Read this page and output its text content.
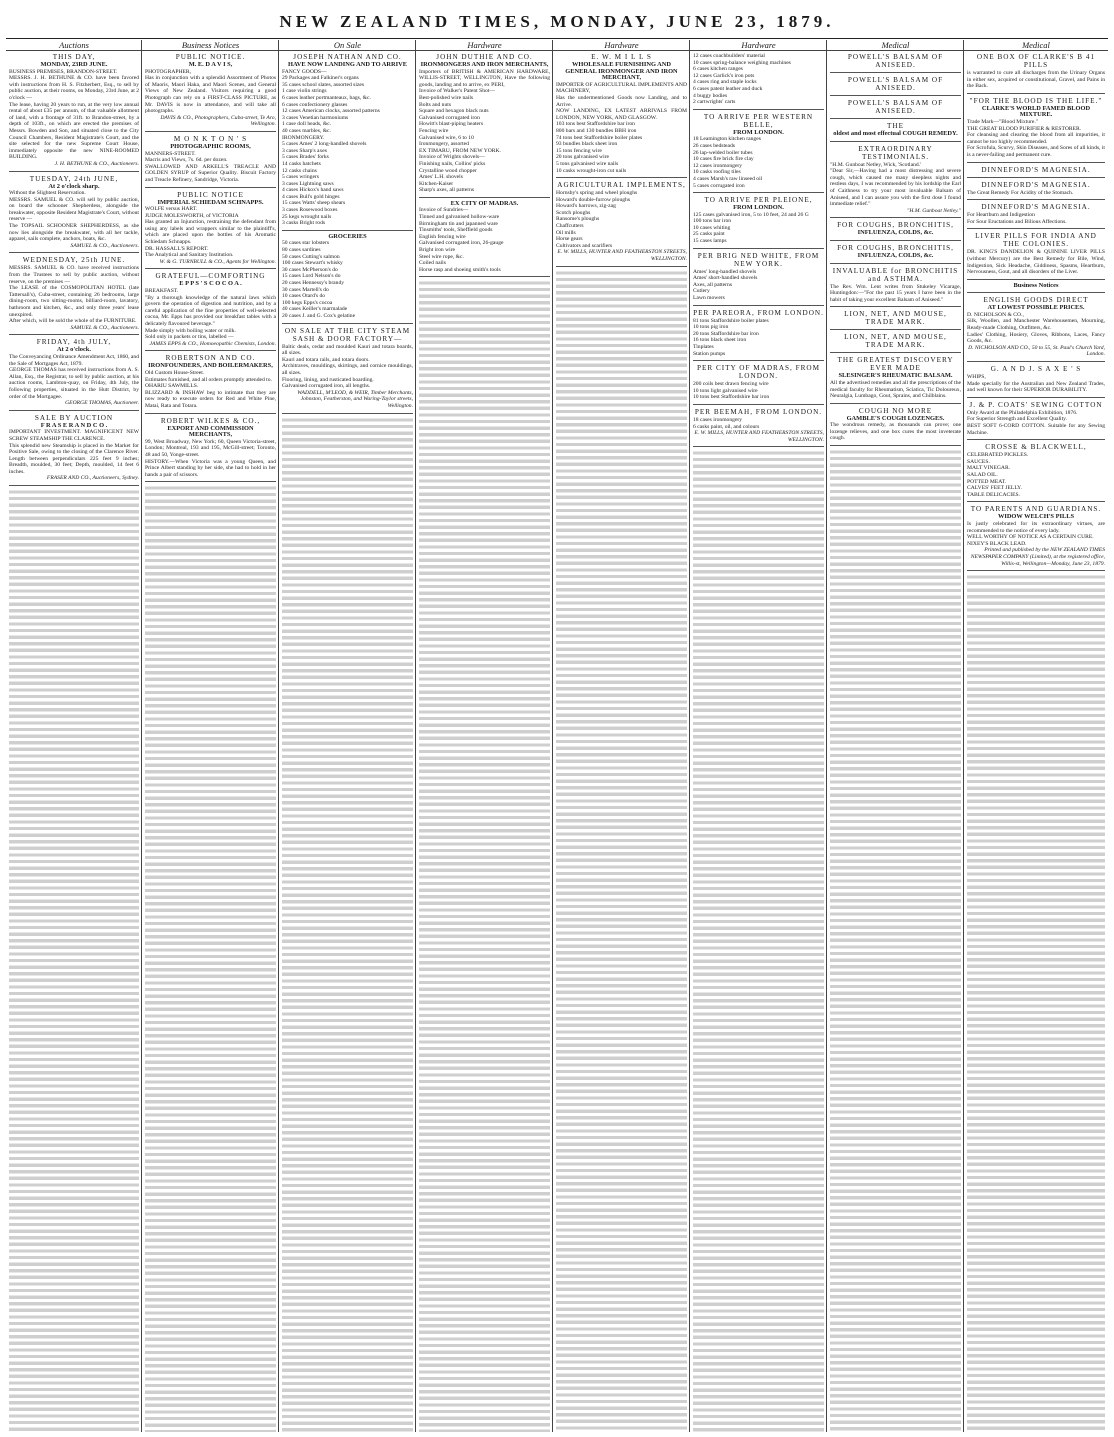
NEW ZEALAND TIMES, MONDAY, JUNE 23, 1879.
Auctions
THIS DAY,
MONDAY, 23RD JUNE.
BUSINESS PREMISES, BRANDON-STREET.
MESSRS. J. H. BETHUNE & CO. have been favored with instructions from H. S. Fitzherbert, Esq., to sell by public auction, at their rooms, on Monday, 23rd June, at 2 o'clock —
The lease, having 20 years to run, at the very low annual rental of about £35 per annum, of that valuable allotment of land, with a frontage of 31ft. to Brandon-street, by a depth of 103ft., on which are erected the premises of Messrs. Bowden and Son, and situated close to the City Council Chambers, Resident Magistrate's Court, and the site selected for the new Supreme Court House, immediately opposite the new NINE-ROOMED BUILDING.
J. H. BETHUNE & CO., Auctioneers.
TUESDAY, 24th JUNE,
At 2 o'clock sharp.
Without the Slightest Reservation.
MESSRS. SAMUEL & CO. will sell by public auction, on board the schooner Shepherdess, alongside the breakwater, opposite Resident Magistrate's Court, without reserve —
The TOPSAIL SCHOONER SHEPHERDESS, as she now lies alongside the breakwater, with all her tackle, apparel, sails complete, anchors, boats, &c.
SAMUEL & CO., Auctioneers.
WEDNESDAY, 25th JUNE.
MESSRS. SAMUEL & CO. have received instructions from the Trustees to sell by public auction, without reserve, on the premises —
The LEASE of the COSMOPOLITAN HOTEL (late Tattersall's), Cuba-street, containing 26 bedrooms, large dining-room, two sitting-rooms, billiard-room, lavatory, bathroom and kitchen, &c., and only three years' lease unexpired.
After which, will be sold the whole of the FURNITURE.
SAMUEL & CO., Auctioneers.
FRIDAY, 4th JULY,
At 2 o'clock.
The Conveyancing Ordinance Amendment Act, 1860, and the Sale of Mortgages Act, 1879.
GEORGE THOMAS has received instructions from A. S. Allan, Esq., the Registrar, to sell by public auction, at his auction rooms, Lambton-quay, on Friday, 4th July, the following properties, situated in the Hutt District, by order of the Mortgagee.
GEORGE THOMAS, Auctioneer.
SALE BY AUCTION
F R A S E R A N D C O .
IMPORTANT INVESTMENT. MAGNIFICENT NEW SCREW STEAMSHIP THE CLARENCE.
This splendid new Steamship is placed in the Market for Positive Sale, owing to the closing of the Clarence River. Length between perpendiculars 225 feet 9 inches; Breadth, moulded, 30 feet; Depth, moulded, 14 feet 6 inches.
FRASER AND CO., Auctioneers, Sydney.
Business Notices
PUBLIC NOTICE.
M. E. D A V I S,
PHOTOGRAPHER,
Has in conjunction with a splendid Assortment of Photos of Maoris, Maori Haka, and Maori Scenes, and General Views of New Zealand. Visitors requiring a good Photograph can rely on a FIRST-CLASS PICTURE, as Mr. DAVIS is now in attendance, and will take all photographs.
DAVIS & CO., Photographers, Cuba-street, Te Aro, Wellington.
M O N K T O N ' S
PHOTOGRAPHIC ROOMS,
MANNERS-STREET.
Macris and Views, 7s. 6d. per dozen.
SWALLOWED AND ARKELL'S TREACLE AND GOLDEN SYRUP of Superior Quality. Biscuit Factory and Treacle Refinery, Sandridge, Victoria.
PUBLIC NOTICE
IMPERIAL SCHIEDAM SCHNAPPS.
WOLFE versus HART.
JUDGE MOLESWORTH, of VICTORIA
Has granted an Injunction, restraining the defendant from using any labels and wrappers similar to the plaintiff's, which are placed upon the bottles of his Aromatic Schiedam Schnapps.
DR. HASSALL'S REPORT.
The Analytical and Sanitary Institution.
W. & G. TURNBULL & CO., Agents for Wellington.
GRATEFUL—COMFORTING
E P P S ' S C O C O A .
BREAKFAST.
"By a thorough knowledge of the natural laws which govern the operation of digestion and nutrition, and by a careful application of the fine properties of well-selected cocoa, Mr. Epps has provided our breakfast tables with a delicately flavoured beverage."
Made simply with boiling water or milk.
Sold only in packets or tins, labelled —
JAMES EPPS & CO., Homoeopathic Chemists, London.
ROBERTSON AND CO.
IRONFOUNDERS, AND BOILERMAKERS,
Old Custom House-Street.
Estimates furnished, and all orders promptly attended to.
OHARIU SAWMILLS.
BLIZZARD & INSHAW beg to intimate that they are now ready to execute orders for Red and White Pine, Matai, Rata and Totara.
ROBERT WILKES & CO.,
EXPORT AND COMMISSION MERCHANTS,
99, West Broadway, New York; 60, Queen Victoria-street, London; Montreal, 193 and 195, McGill-street; Toronto, 48 and 50, Yonge-street.
HISTORY.—When Victoria was a young Queen, and Prince Albert standing by her side, she had to hold in her hands a pair of scissors.
On Sale
JOSEPH NATHAN AND CO.
HAVE NOW LANDING AND TO ARRIVE
FANCY GOODS—
29 Packages and Falkiner's organs
35 cases school slates, assorted sizes
1 case violin strings
6 cases leather portmanteaux, bags, &c.
6 cases confectionery glasses
12 cases American clocks, assorted patterns
3 cases Venetian harmoniums
1 case doll heads, &c.
40 cases marbles, &c.
IRONMONGERY.
5 cases Ames' 2 long-handled shovels
3 cases Sharp's axes
5 cases Brades' forks
14 casks hatchets
12 casks chains
5 cases wringers
3 cases Lightning saws
4 cases Hickox's hand saws
4 cases Bull's gold hinges
15 cases Watts' sheep shears
3 cases Rosewood boxes
25 kegs wrought nails
3 casks Bright rods
GROCERIES
50 cases star lobsters
80 cases sardines
50 cases Cutting's salmon
100 cases Stewart's whisky
30 cases McPherson's do
15 cases Lord Nelson's do
20 cases Hennessy's brandy
30 cases Martell's do
10 cases Otard's do
100 kegs Epps's cocoa
40 cases Keiller's marmalade
20 cases J. and G. Cox's gelatine
ON SALE AT THE CITY STEAM SASH & DOOR FACTORY—
Baltic deals, cedar and moulded Kauri and totara boards, all sizes.
Kauri and totara rails, and totara doors.
Architraves, mouldings, skirtings, and cornice mouldings, all sizes.
Flooring, lining, and rusticated boarding.
Galvanised corrugated iron, all lengths.
WADDELL, M'LEOD, & WEIR, Timber Merchants, Johnston, Featherston, and Waring-Taylor streets, Wellington.
Hardware
JOHN DUTHIE AND CO.
IRONMONGERS AND IRON MERCHANTS,
Importers of BRITISH & AMERICAN HARDWARE, WILLIS-STREET, WELLINGTON, Have the following goods, landing and to arrive, ex PERI,
Invoice of Walker's Patent Shot—
Best-polished wire nails
Bolts and nuts
Square and hexagon black nuts
Galvanised corrugated iron
Howitt's blast-piping heaters
Fencing wire
Galvanised wire, 6 to 10
Ironmongery, assorted
EX TIMARU, FROM NEW YORK.
Invoice of Wrights shovels—
Finishing nails, Collins' picks
Crystalline wood chopper
Ames' L.H. shovels
Kitchen-Kaiser
Sharp's axes, all patterns
EX CITY OF MADRAS.
Invoice of Sundries—
Tinned and galvanised hollow-ware
Birmingham tin and japanned ware
Tinsmiths' tools, Sheffield goods
English fencing wire
Galvanised corrugated iron, 26-gauge
Bright iron wire
Steel wire rope, &c.
Coiled nails
Horse rasp and shoeing smith's tools
Hardware
E. W. M I L L S
WHOLESALE FURNISHING AND GENERAL IRONMONGER AND IRON MERCHANT,
IMPORTER OF AGRICULTURAL IMPLEMENTS AND MACHINERY,
Has the undermentioned Goods now Landing, and to Arrive.
NOW LANDING, EX LATEST ARRIVALS FROM LONDON, NEW YORK, AND GLASGOW.
103 tons best Staffordshire bar iron
800 bars and 130 bundles BBH iron
74 tons best Staffordshire boiler plates
93 bundles black sheet iron
15 tons fencing wire
20 tons galvanised wire
5 tons galvanised wire nails
10 casks wrought-iron cut nails
AGRICULTURAL IMPLEMENTS,
Hornsby's spring and wheel ploughs
Howard's double-furrow ploughs
Howard's harrows, zig-zag
Scotch ploughs
Ransome's ploughs
Chaffcutters
Oil mills
Horse gears
Cultivators and scarifiers
E. W. MILLS, HUNTER AND FEATHERSTON STREETS, WELLINGTON.
Hardware
12 cases coachbuilders' material
10 cases spring-balance weighing machines
6 cases kitchen ranges
12 cases Garlick's iron pots
4 cases ring and staple locks
6 cases patent leather and duck
4 buggy bodies
2 cartwrights' carts
TO ARRIVE PER WESTERN BELLE,
FROM LONDON.
18 Leamington kitchen ranges
26 cases bedsteads
26 lap-welded boiler tubes
10 cases fire brick fire clay
12 cases ironmongery
10 casks roofing tiles
4 cases Marsh's raw linseed oil
5 cases corrugated iron
TO ARRIVE PER PLEIONE,
FROM LONDON.
125 cases galvanised iron, 5 to 10 feet, 24 and 26 G
100 tons bar iron
10 cases whiting
25 casks paint
15 cases lamps
PER BRIG NED WHITE, FROM NEW YORK.
Ames' long-handled shovels
Ames' short-handled shovels
Axes, all patterns
Cutlery
Lawn mowers
PER PAREORA, FROM LONDON.
81 tons Staffordshire boiler plates
10 tons pig iron
20 tons Staffordshire bar iron
16 tons black sheet iron
Tinplates
Station pumps
PER CITY OF MADRAS, FROM LONDON.
200 coils best drawn fencing wire
10 tons light galvanised wire
10 tons best Staffordshire bar iron
PER BEEMAH, FROM LONDON.
18 cases ironmongery
6 casks paint, oil, and colours
E. W. MILLS, HUNTER AND FEATHERSTON STREETS, WELLINGTON.
Medical
POWELL'S BALSAM OF ANISEED.
POWELL'S BALSAM OF ANISEED.
POWELL'S BALSAM OF ANISEED.
THE
oldest and most effectual COUGH REMEDY.
EXTRAORDINARY TESTIMONIALS.
"H.M. Gunboat Netley, Wick, 'Scotland.'
"Dear Sir,—Having had a most distressing and severe cough, which caused me many sleepless nights and restless days, I was recommended by his lordship the Earl of Caithness to try your most invaluable Balsam of Aniseed, and I can assure you with the first dose I found immediate relief."
"H.M. Gunboat Netley."
FOR COUGHS, BRONCHITIS,
INFLUENZA, COLDS, &c.
FOR COUGHS, BRONCHITIS,
INFLUENZA, COLDS, &c.
INVALUABLE for BRONCHITIS and ASTHMA.
The Rev. Wm. Lent writes from Stukeley Vicarage, Huntingdon:—"For the past 15 years I have been in the habit of taking your excellent Balsam of Aniseed."
LION, NET, AND MOUSE, TRADE MARK.
LION, NET, AND MOUSE, TRADE MARK.
THE GREATEST DISCOVERY EVER MADE
SLESINGER'S RHEUMATIC BALSAM.
All the advertised remedies and all the prescriptions of the medical faculty for Rheumatism, Sciatica, Tic Doloureux, Neuralgia, Lumbago, Gout, Sprains, and Chilblains.
COUGH NO MORE
GAMBLE'S COUGH LOZENGES.
The wondrous remedy, as thousands can prove; one lozenge relieves, and one box cures the most inveterate cough.
Medical
ONE BOX OF CLARKE'S B 41 PILLS
is warranted to cure all discharges from the Urinary Organs in either sex, acquired or constitutional, Gravel, and Pains in the Back.
"FOR THE BLOOD IS THE LIFE."
CLARKE'S WORLD FAMED BLOOD MIXTURE.
Trade Mark—"Blood Mixture."
THE GREAT BLOOD PURIFIER & RESTORER.
For cleansing and clearing the blood from all impurities, it cannot be too highly recommended.
For Scrofula, Scurvy, Skin Diseases, and Sores of all kinds, it is a never-failing and permanent cure.
DINNEFORD'S MAGNESIA.
DINNEFORD'S MAGNESIA.
The Great Remedy For Acidity of the Stomach.
DINNEFORD'S MAGNESIA.
For Heartburn and Indigestion
For Sour Eructations and Bilious Affections.
LIVER PILLS FOR INDIA AND THE COLONIES.
DR. KING'S DANDELION & QUININE LIVER PILLS (without Mercury) are the Best Remedy for Bile, Wind, Indigestion, Sick Headache, Giddiness, Spasms, Heartburn, Nervousness, Gout, and all disorders of the Liver.
Business Notices
ENGLISH GOODS DIRECT
AT LOWEST POSSIBLE PRICES.
D. NICHOLSON & CO.,
Silk, Woollen, and Manchester Warehousemen, Mourning, Ready-made Clothing, Outfitters, &c.
Ladies' Clothing, Hosiery, Gloves, Ribbons, Laces, Fancy Goods, &c.
D. NICHOLSON AND CO., 50 to 55, St. Paul's Church Yard, London.
G. A N D J. S A X E ' S
WHIPS,
Made specially for the Australian and New Zealand Trades, and well known for their SUPERIOR DURABILITY.
J. & P. COATS' SEWING COTTON
Only Award at the Philadelphia Exhibition, 1876.
For Superior Strength and Excellent Quality.
BEST SOFT 6-CORD COTTON. Suitable for any Sewing Machine.
CROSSE & BLACKWELL,
CELEBRATED PICKLES.
SAUCES.
MALT VINEGAR.
SALAD OIL.
POTTED MEAT.
CALVES' FEET JELLY.
TABLE DELICACIES.
TO PARENTS AND GUARDIANS.
WIDOW WELCH'S PILLS
Is justly celebrated for its extraordinary virtues, are recommended to the notice of every lady.
WELL WORTHY OF NOTICE AS A CERTAIN CURE.
NIXEY'S BLACK LEAD.
Printed and published by the NEW ZEALAND TIMES NEWSPAPER COMPANY (Limited), at the registered office, Willis-st, Wellington—Monday, June 23, 1879.
